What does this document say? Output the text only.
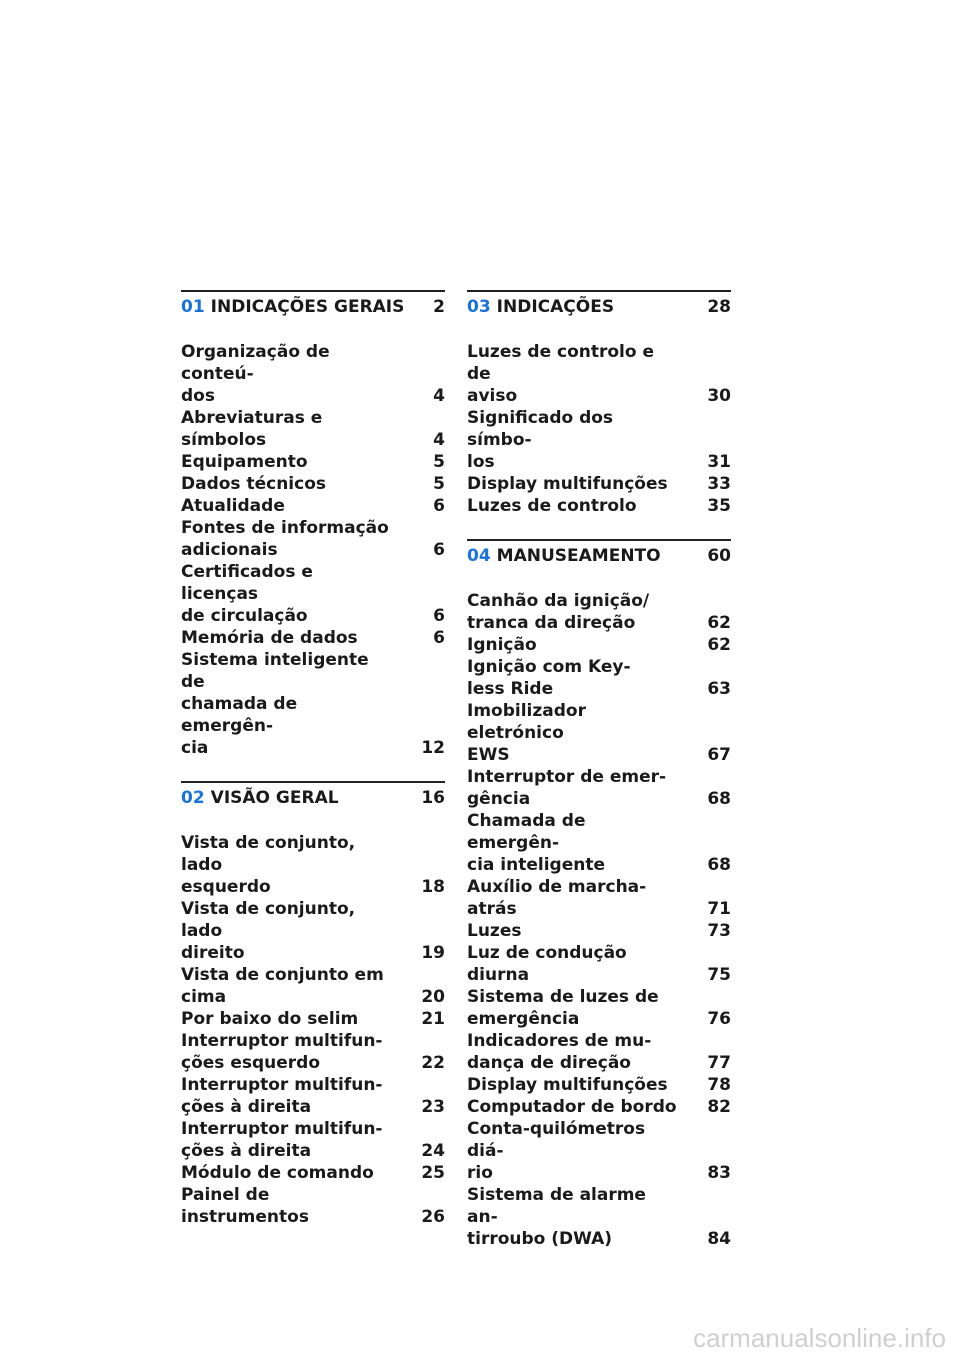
01 INDICAÇÕES GERAIS 2
Organização de conteú-
dos	4
Abreviaturas e símbolos	4
Equipamento	5
Dados técnicos	5
Atualidade	6
Fontes de informação
adicionais	6
Certificados e licenças
de circulação	6
Memória de dados	6
Sistema inteligente de
chamada de emergên-
cia	12
02 VISÃO GERAL	16
Vista de conjunto, lado
esquerdo	18
Vista de conjunto, lado
direito	19
Vista de conjunto em
cima	20
Por baixo do selim	21
Interruptor multifun-
ções esquerdo	22
Interruptor multifun-
ções à direita	23
Interruptor multifun-
ções à direita	24
Módulo de comando	25
Painel de instrumentos	26
03 INDICAÇÕES	28
Luzes de controlo e de
aviso	30
Significado dos símbo-
los	31
Display multifunções	33
Luzes de controlo	35
04 MANUSEAMENTO	60
Canhão da ignição/
tranca da direção	62
Ignição	62
Ignição com Key-
less Ride	63
Imobilizador eletrónico
EWS	67
Interruptor de emer-
gência	68
Chamada de emergên-
cia inteligente	68
Auxílio de marcha-
atrás	71
Luzes	73
Luz de condução
diurna	75
Sistema de luzes de
emergência	76
Indicadores de mu-
dança de direção	77
Display multifunções	78
Computador de bordo	82
Conta-quilómetros diá-
rio	83
Sistema de alarme an-
tirroubo (DWA)	84
carmanualsonline.info
